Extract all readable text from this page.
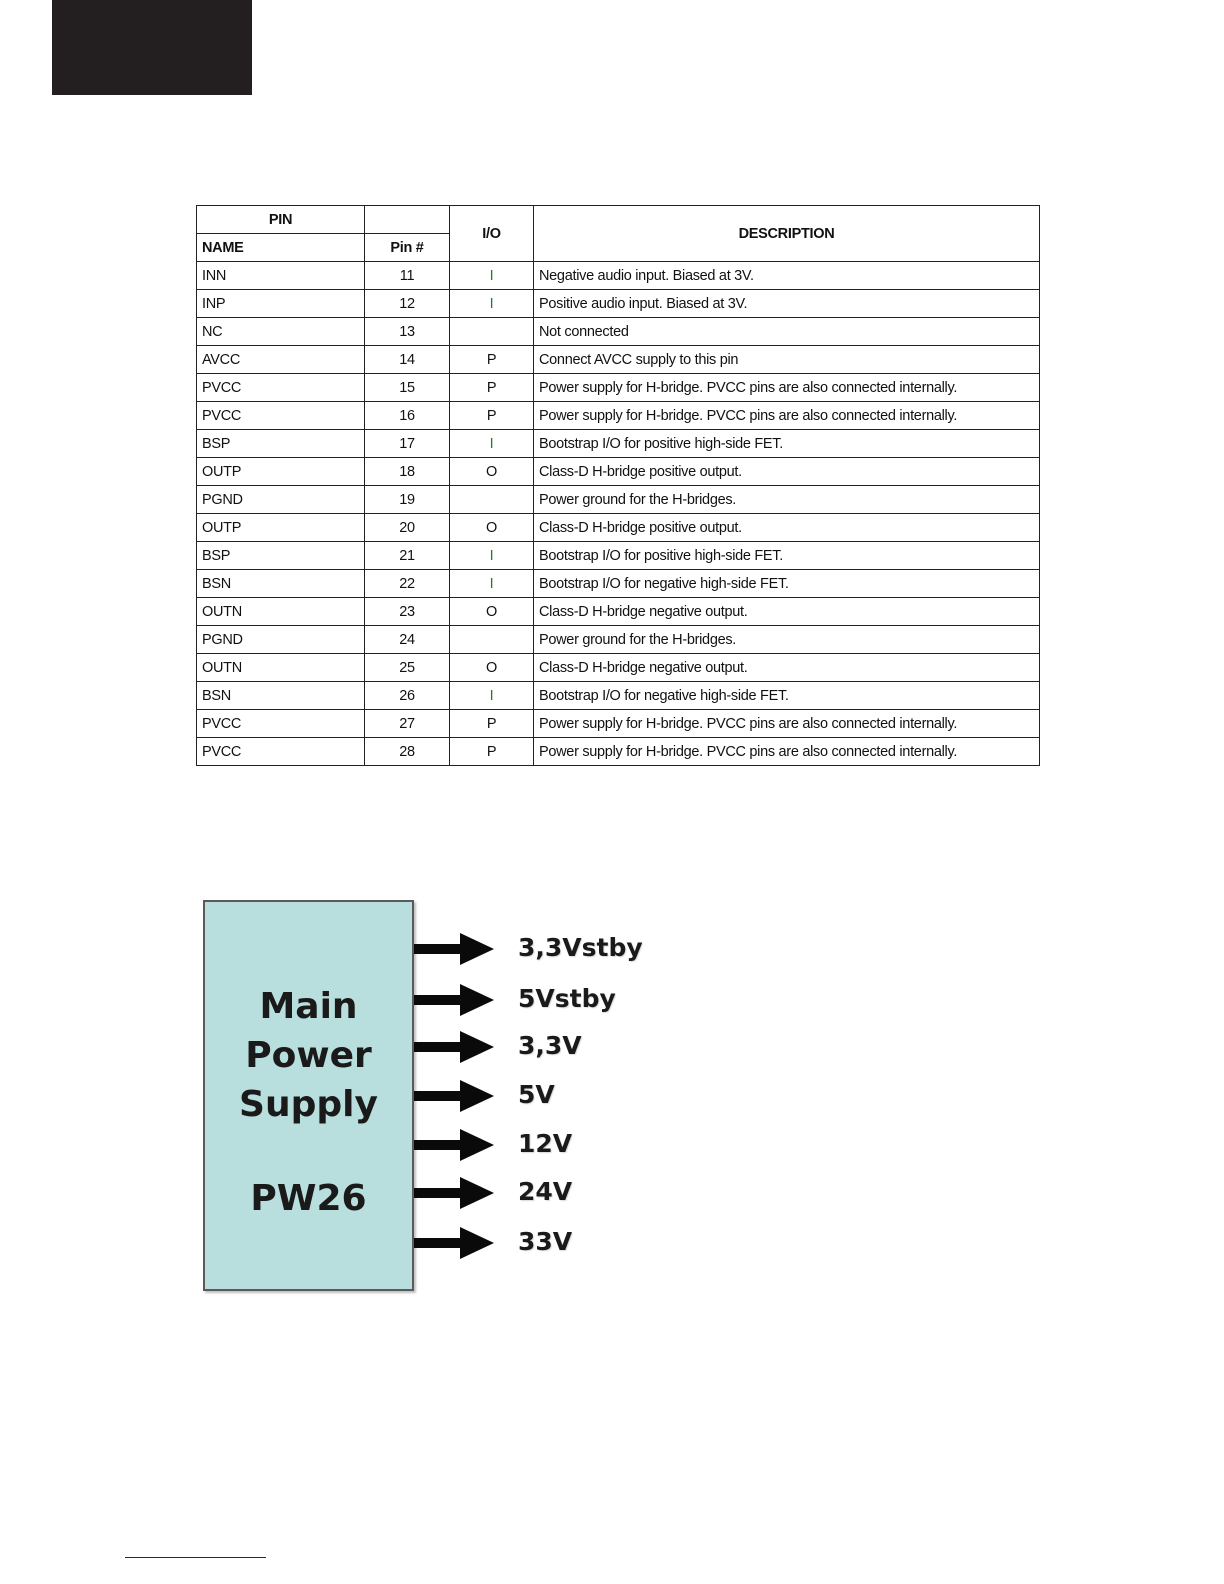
PIN		I/O	DESCRIPTION
NAME	Pin #		
INN	11	I	Negative audio input. Biased at 3V.
INP	12	I	Positive audio input. Biased at 3V.
NC	13		Not connected
AVCC	14	P	Connect AVCC supply to this pin
PVCC	15	P	Power supply for H-bridge. PVCC pins are also connected internally.
PVCC	16	P	Power supply for H-bridge. PVCC pins are also connected internally.
BSP	17	I	Bootstrap I/O for positive high-side FET.
OUTP	18	O	Class-D H-bridge positive output.
PGND	19		Power ground for the H-bridges.
OUTP	20	O	Class-D H-bridge positive output.
BSP	21	I	Bootstrap I/O for positive high-side FET.
BSN	22	I	Bootstrap I/O for negative high-side FET.
OUTN	23	O	Class-D H-bridge negative output.
PGND	24		Power ground for the H-bridges.
OUTN	25	O	Class-D H-bridge negative output.
BSN	26	I	Bootstrap I/O for negative high-side FET.
PVCC	27	P	Power supply for H-bridge. PVCC pins are also connected internally.
PVCC	28	P	Power supply for H-bridge. PVCC pins are also connected internally.
Main
Power
Supply
PW26
3,3Vstby
5Vstby
3,3V
5V
12V
24V
33V
